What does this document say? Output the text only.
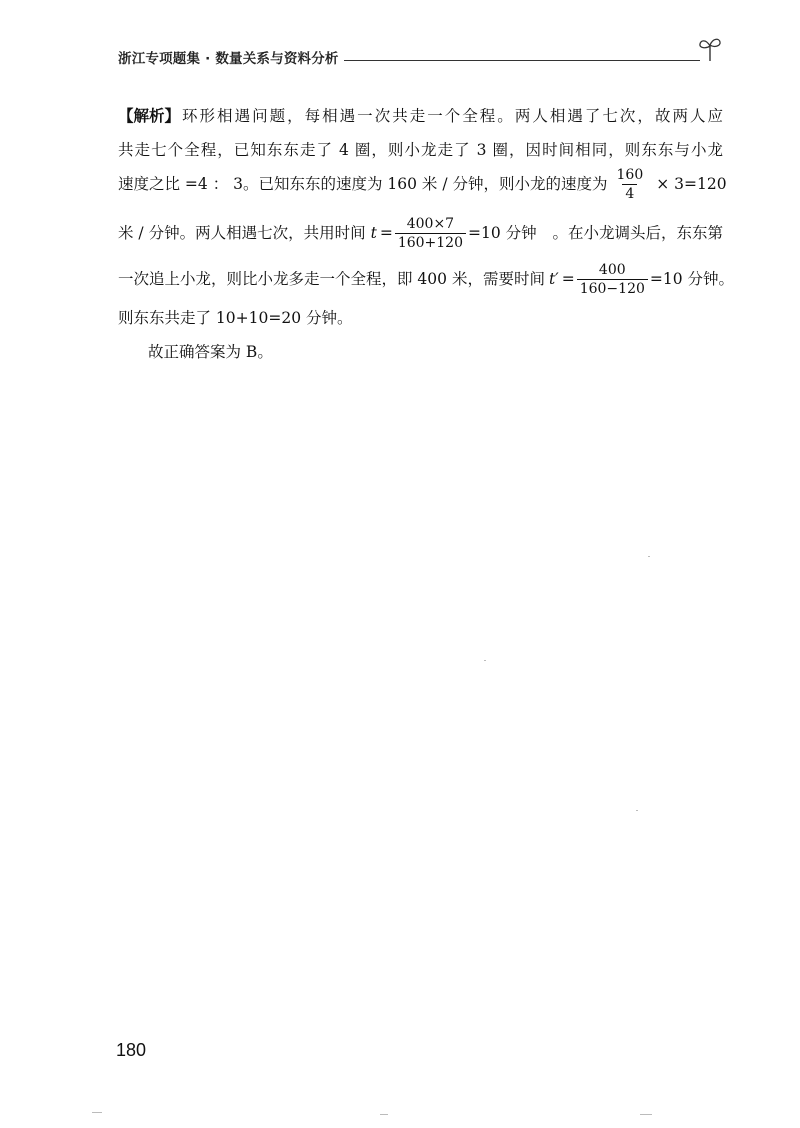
浙江专项题集 · 数量关系与资料分析
【解析】 环形相遇问题，每相遇一次共走一个全程。两人相遇了七次，故两人应
共走七个全程，已知东东走了 4 圈，则小龙走了 3 圈，因时间相同，则东东与小龙
速度之比 =4 ： 3。已知东东的速度为 160 米 / 分钟，则小龙的速度为 $\frac{160}{4} \times 3=120$
米 / 分钟。两人相遇七次，共用时间 $t = \frac{400\times 7}{160+120} =10$ 分钟 。在小龙调头后，东东第
一次追上小龙，则比小龙多走一个全程，即 400 米，需要时间 $t' = \frac{400}{160-120} =10$ 分钟。
则东东共走了 10+10=20 分钟。
故正确答案为 B。
180
